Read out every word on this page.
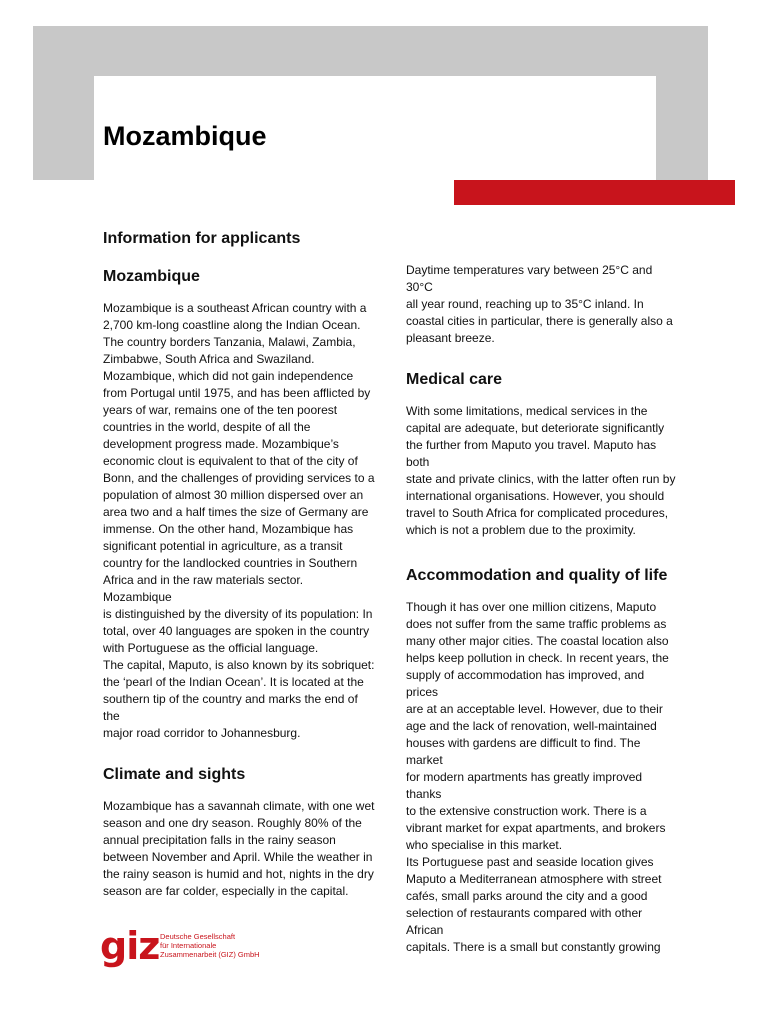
Mozambique
Information for applicants
Mozambique
Mozambique is a southeast African country with a
2,700 km-long coastline along the Indian Ocean.
The country borders Tanzania, Malawi, Zambia,
Zimbabwe, South Africa and Swaziland.
Mozambique, which did not gain independence
from Portugal until 1975, and has been afflicted by
years of war, remains one of the ten poorest
countries in the world, despite of all the
development progress made. Mozambique’s
economic clout is equivalent to that of the city of
Bonn, and the challenges of providing services to a
population of almost 30 million dispersed over an
area two and a half times the size of Germany are
immense. On the other hand, Mozambique has
significant potential in agriculture, as a transit
country for the landlocked countries in Southern
Africa and in the raw materials sector. Mozambique
is distinguished by the diversity of its population: In
total, over 40 languages are spoken in the country
with Portuguese as the official language.
The capital, Maputo, is also known by its sobriquet:
the ‘pearl of the Indian Ocean’. It is located at the
southern tip of the country and marks the end of the
major road corridor to Johannesburg.
Climate and sights
Mozambique has a savannah climate, with one wet
season and one dry season. Roughly 80% of the
annual precipitation falls in the rainy season
between November and April. While the weather in
the rainy season is humid and hot, nights in the dry
season are far colder, especially in the capital.
Daytime temperatures vary between 25°C and 30°C
all year round, reaching up to 35°C inland. In
coastal cities in particular, there is generally also a
pleasant breeze.
Medical care
With some limitations, medical services in the
capital are adequate, but deteriorate significantly
the further from Maputo you travel. Maputo has both
state and private clinics, with the latter often run by
international organisations. However, you should
travel to South Africa for complicated procedures,
which is not a problem due to the proximity.
Accommodation and quality of life
Though it has over one million citizens, Maputo
does not suffer from the same traffic problems as
many other major cities. The coastal location also
helps keep pollution in check. In recent years, the
supply of accommodation has improved, and prices
are at an acceptable level. However, due to their
age and the lack of renovation, well-maintained
houses with gardens are difficult to find. The market
for modern apartments has greatly improved thanks
to the extensive construction work. There is a
vibrant market for expat apartments, and brokers
who specialise in this market.
Its Portuguese past and seaside location gives
Maputo a Mediterranean atmosphere with street
cafés, small parks around the city and a good
selection of restaurants compared with other African
capitals. There is a small but constantly growing
giz Deutsche Gesellschaft
für Internationale
Zusammenarbeit (GIZ) GmbH
